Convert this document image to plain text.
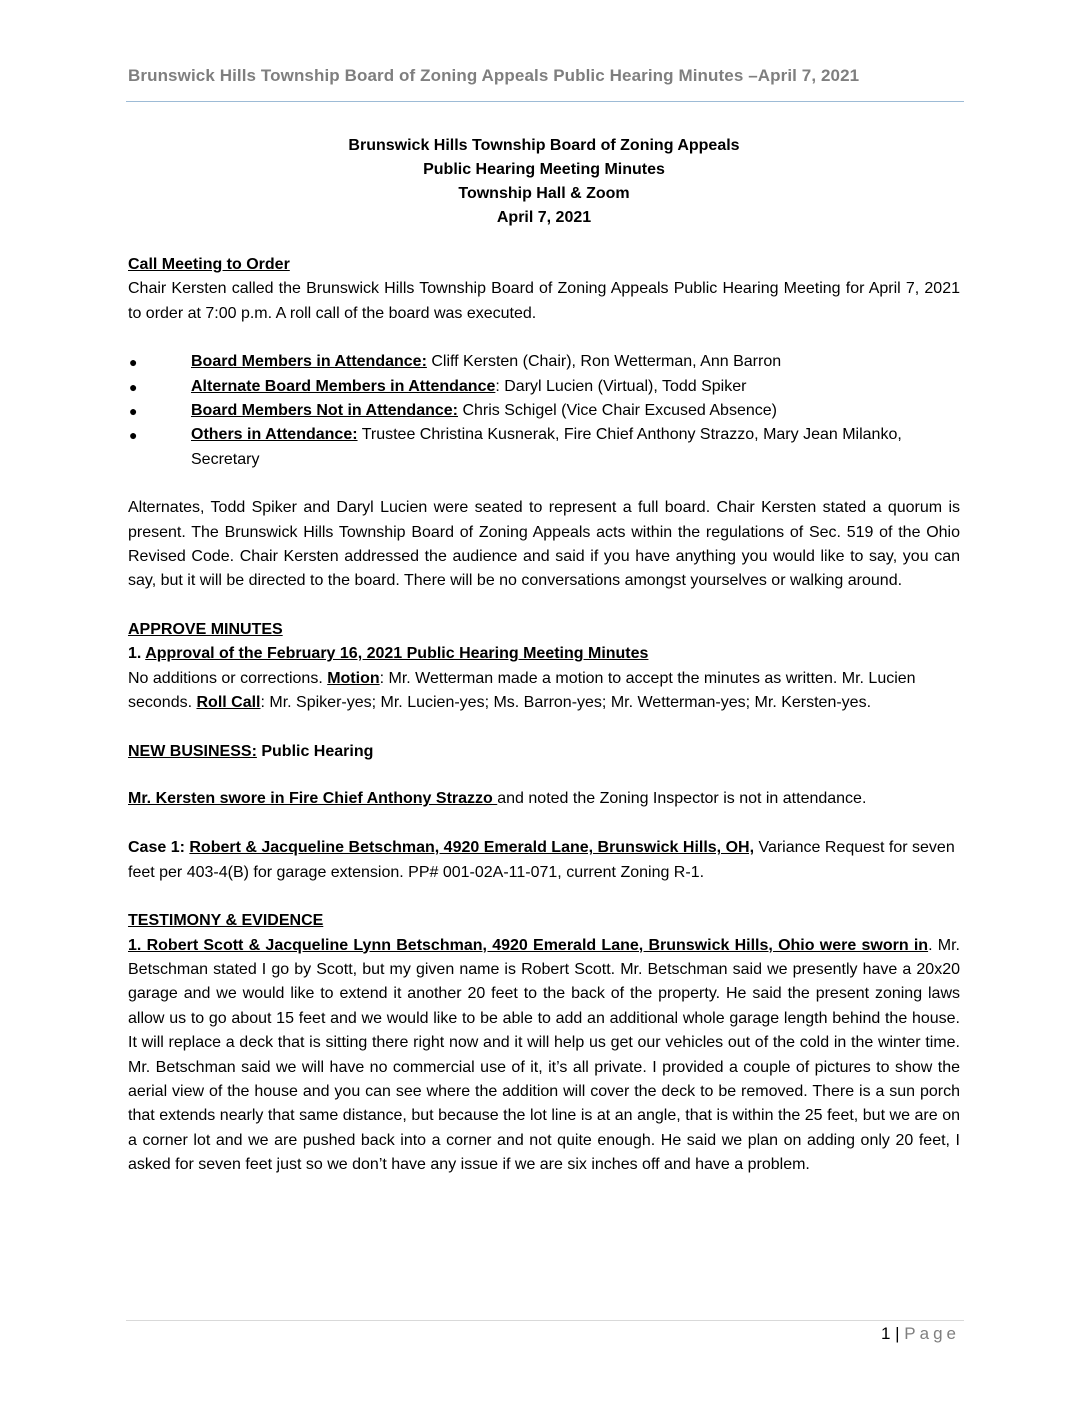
Brunswick Hills Township Board of Zoning Appeals Public Hearing Minutes –April 7, 2021
Brunswick Hills Township Board of Zoning Appeals
Public Hearing Meeting Minutes
Township Hall & Zoom
April 7, 2021

Call Meeting to Order

Chair Kersten called the Brunswick Hills Township Board of Zoning Appeals Public Hearing Meeting for April 7, 2021 to order at 7:00 p.m. A roll call of the board was executed.

●	Board Members in Attendance: Cliff Kersten (Chair), Ron Wetterman, Ann Barron
●	Alternate Board Members in Attendance: Daryl Lucien (Virtual), Todd Spiker
●	Board Members Not in Attendance: Chris Schigel (Vice Chair Excused Absence)
●	Others in Attendance: Trustee Christina Kusnerak, Fire Chief Anthony Strazzo, Mary Jean Milanko, Secretary

Alternates, Todd Spiker and Daryl Lucien were seated to represent a full board. Chair Kersten stated a quorum is present. The Brunswick Hills Township Board of Zoning Appeals acts within the regulations of Sec. 519 of the Ohio Revised Code. Chair Kersten addressed the audience and said if you have anything you would like to say, you can say, but it will be directed to the board. There will be no conversations amongst yourselves or walking around.

APPROVE MINUTES

1. Approval of the February 16, 2021 Public Hearing Meeting Minutes

No additions or corrections. Motion: Mr. Wetterman made a motion to accept the minutes as written. Mr. Lucien seconds. Roll Call: Mr. Spiker-yes; Mr. Lucien-yes; Ms. Barron-yes; Mr. Wetterman-yes; Mr. Kersten-yes.

NEW BUSINESS: Public Hearing

Mr. Kersten swore in Fire Chief Anthony Strazzo and noted the Zoning Inspector is not in attendance.

Case 1: Robert & Jacqueline Betschman, 4920 Emerald Lane, Brunswick Hills, OH, Variance Request for seven feet per 403-4(B) for garage extension. PP# 001-02A-11-071, current Zoning R-1.

TESTIMONY & EVIDENCE

1. Robert Scott & Jacqueline Lynn Betschman, 4920 Emerald Lane, Brunswick Hills, Ohio were sworn in. Mr. Betschman stated I go by Scott, but my given name is Robert Scott. Mr. Betschman said we presently have a 20x20 garage and we would like to extend it another 20 feet to the back of the property. He said the present zoning laws allow us to go about 15 feet and we would like to be able to add an additional whole garage length behind the house. It will replace a deck that is sitting there right now and it will help us get our vehicles out of the cold in the winter time. Mr. Betschman said we will have no commercial use of it, it’s all private. I provided a couple of pictures to show the aerial view of the house and you can see where the addition will cover the deck to be removed. There is a sun porch that extends nearly that same distance, but because the lot line is at an angle, that is within the 25 feet, but we are on a corner lot and we are pushed back into a corner and not quite enough. He said we plan on adding only 20 feet, I asked for seven feet just so we don’t have any issue if we are six inches off and have a problem.

1 | Page
